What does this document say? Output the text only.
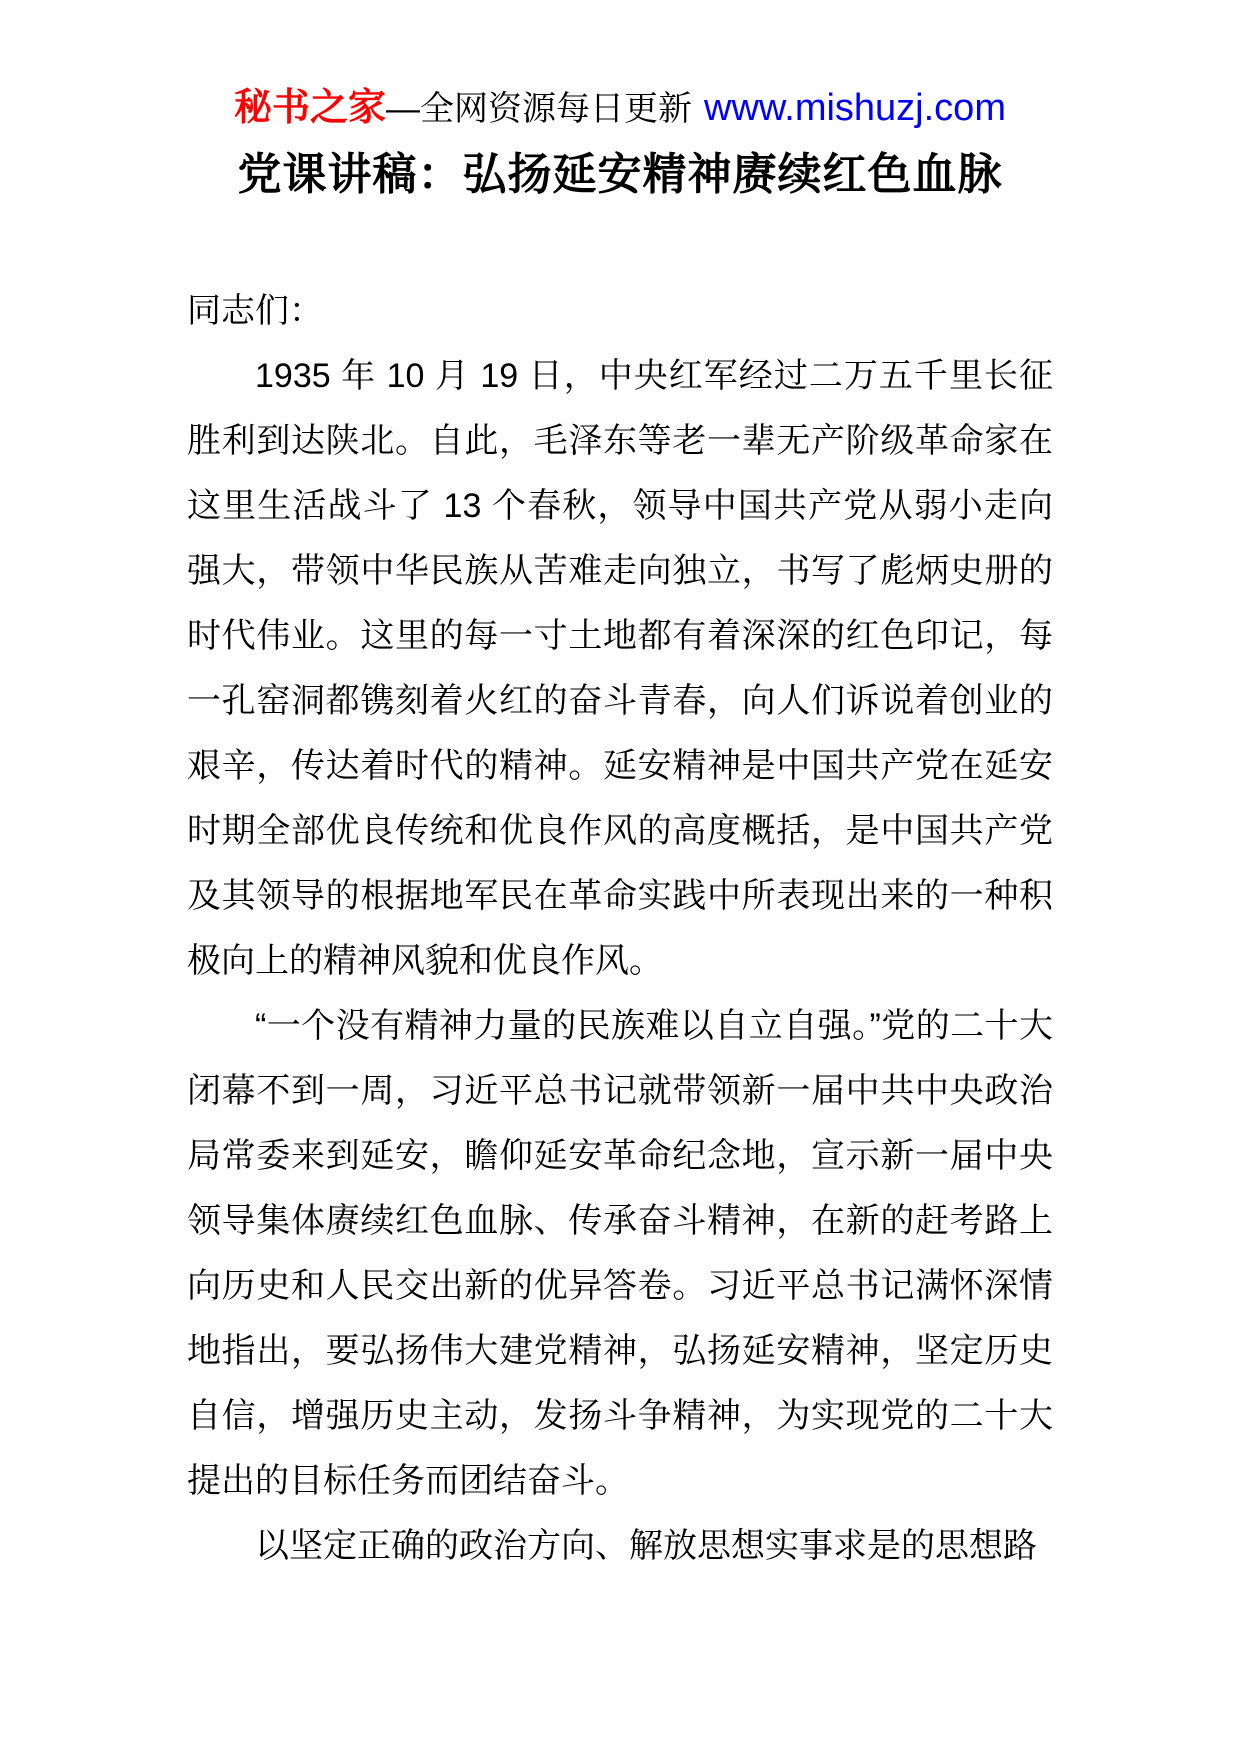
秘书之家—全网资源每日更新 www.mishuzj.com
党课讲稿：弘扬延安精神赓续红色血脉

同志们：

1935 年 10 月 19 日，中央红军经过二万五千里长征胜利到达陕北。自此，毛泽东等老一辈无产阶级革命家在这里生活战斗了 13 个春秋，领导中国共产党从弱小走向强大，带领中华民族从苦难走向独立，书写了彪炳史册的时代伟业。这里的每一寸土地都有着深深的红色印记，每一孔窑洞都镌刻着火红的奋斗青春，向人们诉说着创业的艰辛，传达着时代的精神。延安精神是中国共产党在延安时期全部优良传统和优良作风的高度概括，是中国共产党及其领导的根据地军民在革命实践中所表现出来的一种积极向上的精神风貌和优良作风。

“一个没有精神力量的民族难以自立自强。”党的二十大闭幕不到一周，习近平总书记就带领新一届中共中央政治局常委来到延安，瞻仰延安革命纪念地，宣示新一届中央领导集体赓续红色血脉、传承奋斗精神，在新的赶考路上向历史和人民交出新的优异答卷。习近平总书记满怀深情地指出，要弘扬伟大建党精神，弘扬延安精神，坚定历史自信，增强历史主动，发扬斗争精神，为实现党的二十大提出的目标任务而团结奋斗。

以坚定正确的政治方向、解放思想实事求是的思想路
